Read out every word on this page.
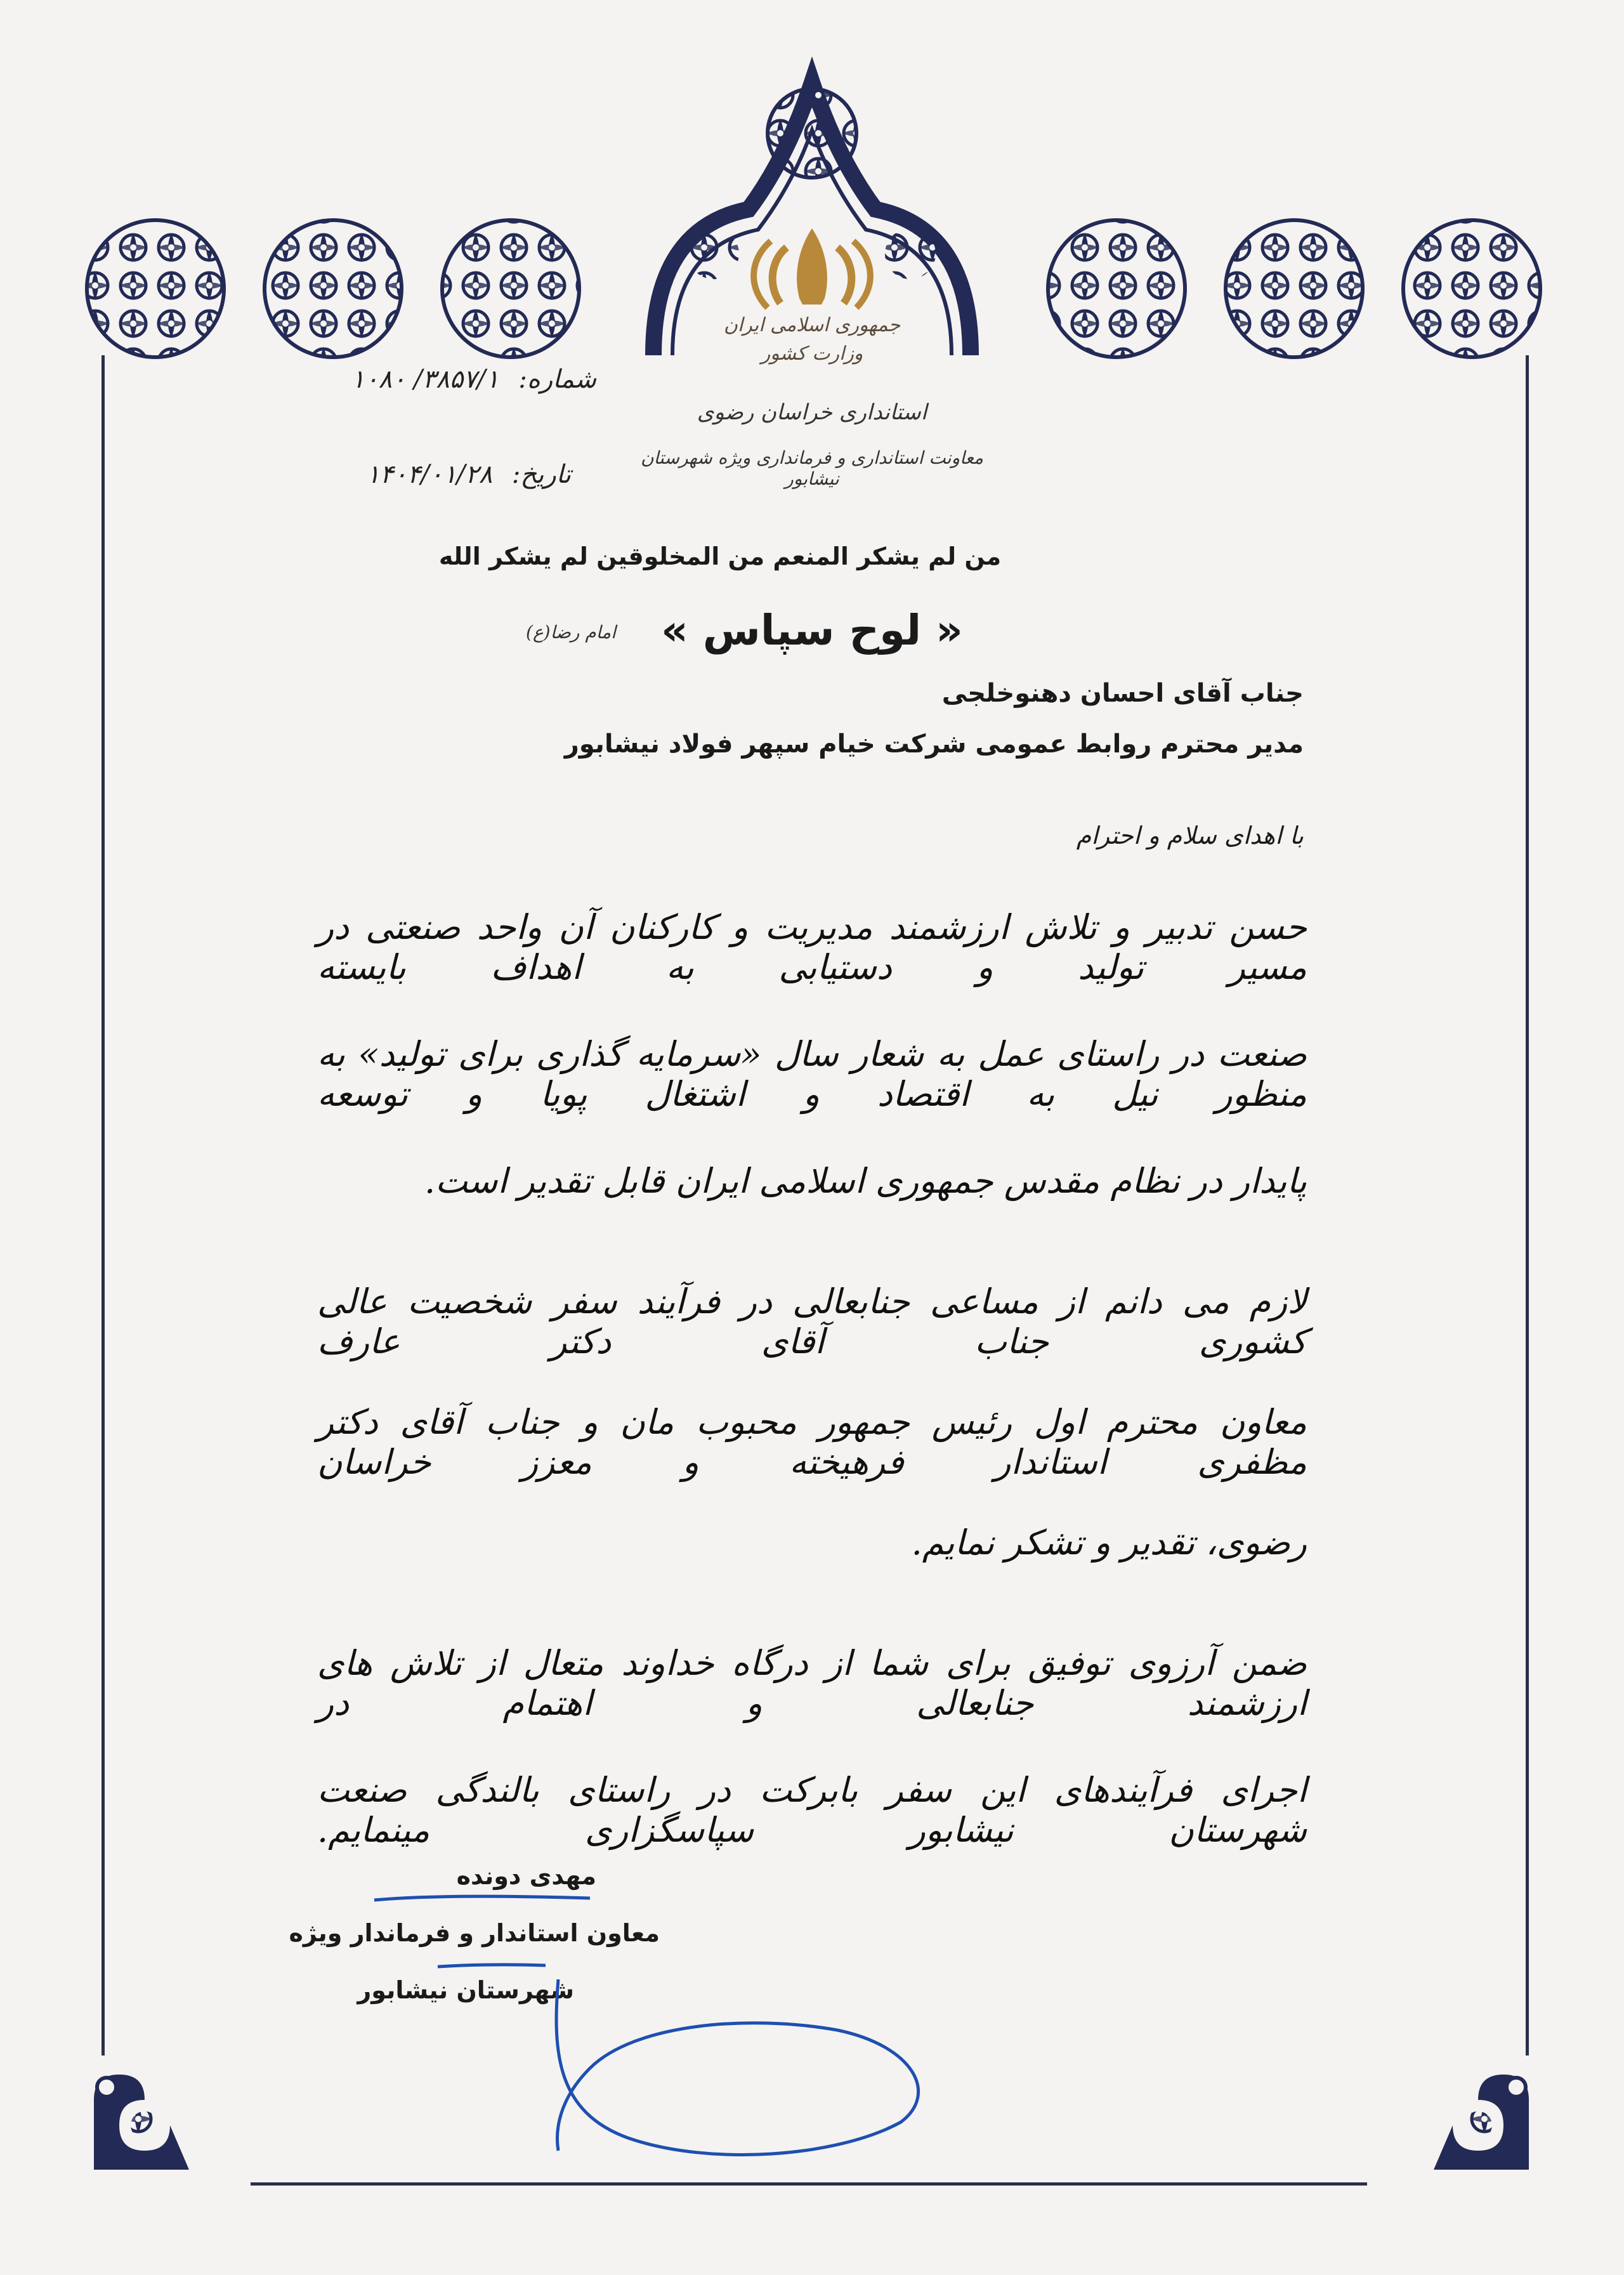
جمهوری اسلامی ایران
وزارت کشور
استانداری خراسان رضوی
معاونت استانداری و فرمانداری ویژه شهرستان نیشابور
شماره: ۳۸۵۷/۱/ ۱۰۸۰
تاریخ: ۱۴۰۴/۰۱/۲۸
من لم یشکر المنعم من المخلوقین لم یشکر الله
« لوح سپاس »
امام رضا(ع)
جناب آقای احسان دهنوخلجی
مدیر محترم روابط عمومی شرکت خیام سپهر فولاد نیشابور
با اهدای سلام و احترام
حسن تدبیر و تلاش ارزشمند مدیریت و کارکنان آن واحد صنعتی در مسیر تولید و دستیابی به اهداف بایسته
صنعت در راستای عمل به شعار سال «سرمایه گذاری برای تولید» به منظور نیل به اقتصاد و اشتغال پویا و توسعه
پایدار در نظام مقدس جمهوری اسلامی ایران قابل تقدیر است.
لازم می دانم از مساعی جنابعالی در فرآیند سفر شخصیت عالی کشوری جناب آقای دکتر عارف
معاون محترم اول رئیس جمهور محبوب مان و جناب آقای دکتر مظفری استاندار فرهیخته و معزز خراسان
رضوی، تقدیر و تشکر نمایم.
ضمن آرزوی توفیق برای شما از درگاه خداوند متعال از تلاش های ارزشمند جنابعالی و اهتمام در
اجرای فرآیندهای این سفر بابرکت در راستای بالندگی صنعت شهرستان نیشابور سپاسگزاری مینمایم.
مهدی دونده
معاون استاندار و فرماندار ویژه
شهرستان نیشابور
